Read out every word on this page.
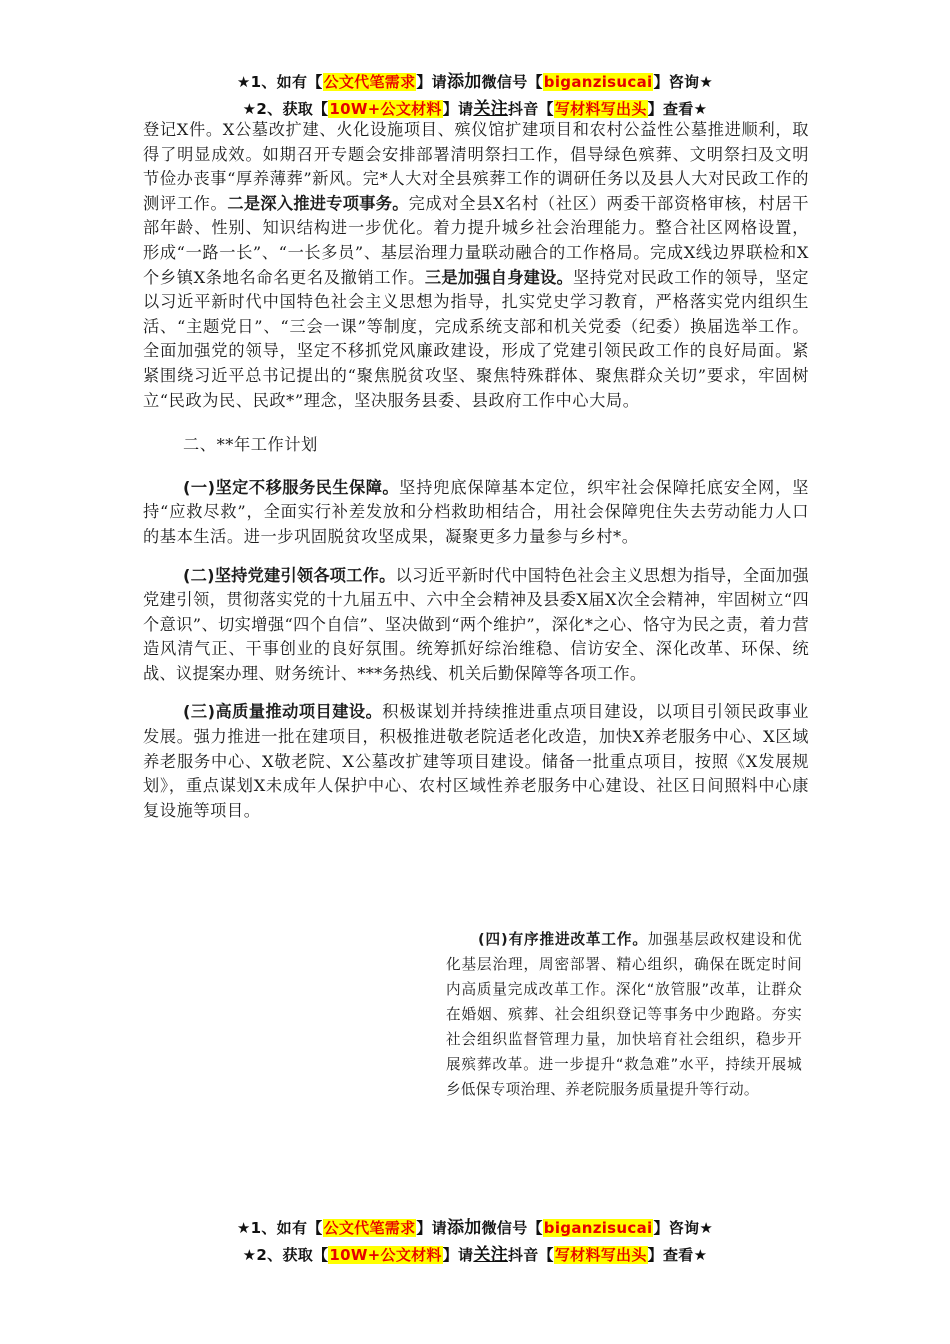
★1、如有【公文代笔需求】请添加微信号【biganzisucai】咨询★
★2、获取【10W+公文材料】请关注抖音【写材料写出头】查看★

登记X件。X公墓改扩建、火化设施项目、殡仪馆扩建项目和农村公益性公墓推进顺利，取得了明显成效。如期召开专题会安排部署清明祭扫工作，倡导绿色殡葬、文明祭扫及文明节俭办丧事“厚养薄葬”新风。完*人大对全县殡葬工作的调研任务以及县人大对民政工作的测评工作。二是深入推进专项事务。完成对全县X名村（社区）两委干部资格审核，村居干部年龄、性别、知识结构进一步优化。着力提升城乡社会治理能力。整合社区网格设置，形成“一路一长”、“一长多员”、基层治理力量联动融合的工作格局。完成X线边界联检和X个乡镇X条地名命名更名及撤销工作。三是加强自身建设。坚持党对民政工作的领导，坚定以习近平新时代中国特色社会主义思想为指导，扎实党史学习教育，严格落实党内组织生活、“主题党日”、“三会一课”等制度，完成系统支部和机关党委（纪委）换届选举工作。全面加强党的领导，坚定不移抓党风廉政建设，形成了党建引领民政工作的良好局面。紧紧围绕习近平总书记提出的“聚焦脱贫攻坚、聚焦特殊群体、聚焦群众关切”要求，牢固树立“民政为民、民政*”理念，坚决服务县委、县政府工作中心大局。

二、**年工作计划

(一)坚定不移服务民生保障。坚持兜底保障基本定位，织牢社会保障托底安全网，坚持“应救尽救”，全面实行补差发放和分档救助相结合，用社会保障兜住失去劳动能力人口的基本生活。进一步巩固脱贫攻坚成果，凝聚更多力量参与乡村*。

(二)坚持党建引领各项工作。以习近平新时代中国特色社会主义思想为指导，全面加强党建引领，贯彻落实党的十九届五中、六中全会精神及县委X届X次全会精神，牢固树立“四个意识”、切实增强“四个自信”、坚决做到“两个维护”，深化*之心、恪守为民之责，着力营造风清气正、干事创业的良好氛围。统筹抓好综治维稳、信访安全、深化改革、环保、统战、议提案办理、财务统计、***务热线、机关后勤保障等各项工作。

(三)高质量推动项目建设。积极谋划并持续推进重点项目建设，以项目引领民政事业发展。强力推进一批在建项目，积极推进敬老院适老化改造，加快X养老服务中心、X区域养老服务中心、X敬老院、X公墓改扩建等项目建设。储备一批重点项目，按照《X发展规划》，重点谋划X未成年人保护中心、农村区域性养老服务中心建设、社区日间照料中心康复设施等项目。

(四)有序推进改革工作。加强基层政权建设和优化基层治理，周密部署、精心组织，确保在既定时间内高质量完成改革工作。深化“放管服”改革，让群众在婚姻、殡葬、社会组织登记等事务中少跑路。夯实社会组织监督管理力量，加快培育社会组织，稳步开展殡葬改革。进一步提升“救急难”水平，持续开展城乡低保专项治理、养老院服务质量提升等行动。

★1、如有【公文代笔需求】请添加微信号【biganzisucai】咨询★
★2、获取【10W+公文材料】请关注抖音【写材料写出头】查看★
